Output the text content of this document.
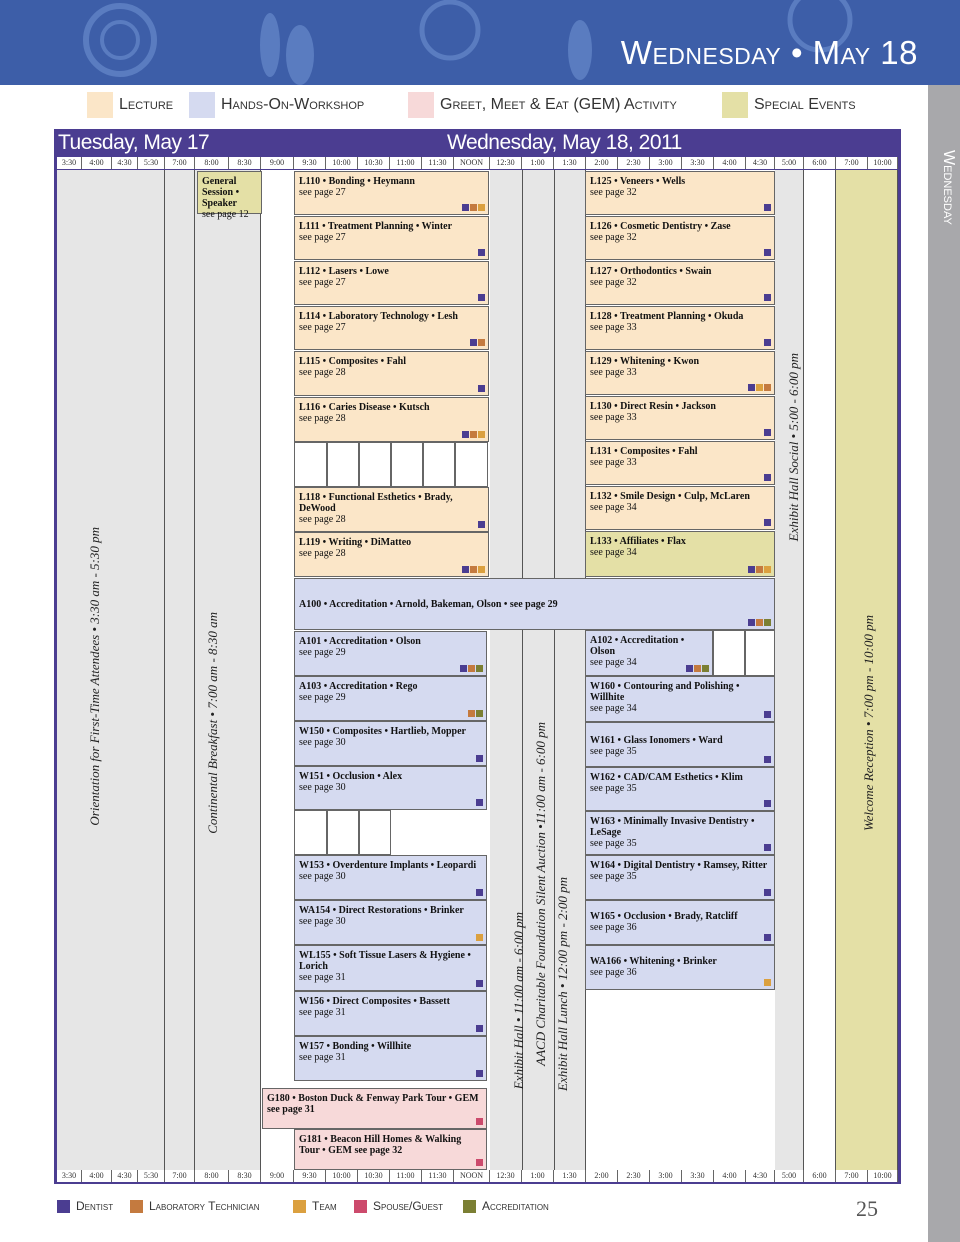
Wednesday • May 18
Lecture	Hands-On-Workshop	Greet, Meet & Eat (GEM) Activity	Special Events
Wednesday
Tuesday, May 17	Wednesday, May 18, 2011
3:30	4:00	4:30	5:30	7:00	8:00	8:30	9:00	9:30	10:00	10:30	11:00	11:30	NOON	12:30	1:00	1:30	2:00	2:30	3:00	3:30	4:00	4:30	5:00	6:00	7:00	10:00
3:30	4:00	4:30	5:30	7:00	8:00	8:30	9:00	9:30	10:00	10:30	11:00	11:30	NOON	12:30	1:00	1:30	2:00	2:30	3:00	3:30	4:00	4:30	5:00	6:00	7:00	10:00
Orientation for First-Time Attendees • 3:30 am - 5:30 pm	Continental Breakfast • 7:00 am - 8:30 am
Exhibit Hall • 11:00 am - 6:00 pm AACD Charitable Foundation Silent Auction •11:00 am - 6:00 pm Exhibit Hall Lunch • 12:00 pm - 2:00 pm
Exhibit Hall Social • 5:00 - 6:00 pm
Welcome Reception • 7:00 pm - 10:00 pm
General Session • Speaker
see page 12
L110 • Bonding • Heymann
see page 27
L111 • Treatment Planning • Winter
see page 27
L112 • Lasers • Lowe
see page 27
L114 • Laboratory Technology • Lesh
see page 27
L115 • Composites • Fahl
see page 28
L116 • Caries Disease • Kutsch
see page 28
L118 • Functional Esthetics • Brady, DeWood
see page 28
L119 • Writing • DiMatteo
see page 28
L125 • Veneers • Wells
see page 32
L126 • Cosmetic Dentistry • Zase
see page 32
L127 • Orthodontics • Swain
see page 32
L128 • Treatment Planning • Okuda
see page 33
L129 • Whitening • Kwon
see page 33
L130 • Direct Resin • Jackson
see page 33
L131 • Composites • Fahl
see page 33
L132 • Smile Design • Culp, McLaren
see page 34
L133 • Affiliates • Flax
see page 34
A100 • Accreditation • Arnold, Bakeman, Olson • see page 29
A101 • Accreditation • Olson
see page 29
A103 • Accreditation • Rego
see page 29
W150 • Composites • Hartlieb, Mopper
see page 30
W151 • Occlusion • Alex
see page 30
W153 • Overdenture Implants • Leopardi
see page 30
WA154 • Direct Restorations • Brinker
see page 30
WL155 • Soft Tissue Lasers & Hygiene • Lorich
see page 31
W156 • Direct Composites • Bassett
see page 31
W157 • Bonding • Willhite
see page 31
A102 • Accreditation • Olson
see page 34
W160 • Contouring and Polishing • Willhite
see page 34
W161 • Glass Ionomers • Ward
see page 35
W162 • CAD/CAM Esthetics • Klim
see page 35
W163 • Minimally Invasive Dentistry • LeSage
see page 35
W164 • Digital Dentistry • Ramsey, Ritter
see page 35
W165 • Occlusion • Brady, Ratcliff
see page 36
WA166 • Whitening • Brinker
see page 36
G180 • Boston Duck & Fenway Park Tour • GEM see page 31
G181 • Beacon Hill Homes & Walking Tour • GEM see page 32
Dentist	Laboratory Technician	Team	Spouse/Guest	Accreditation	25
